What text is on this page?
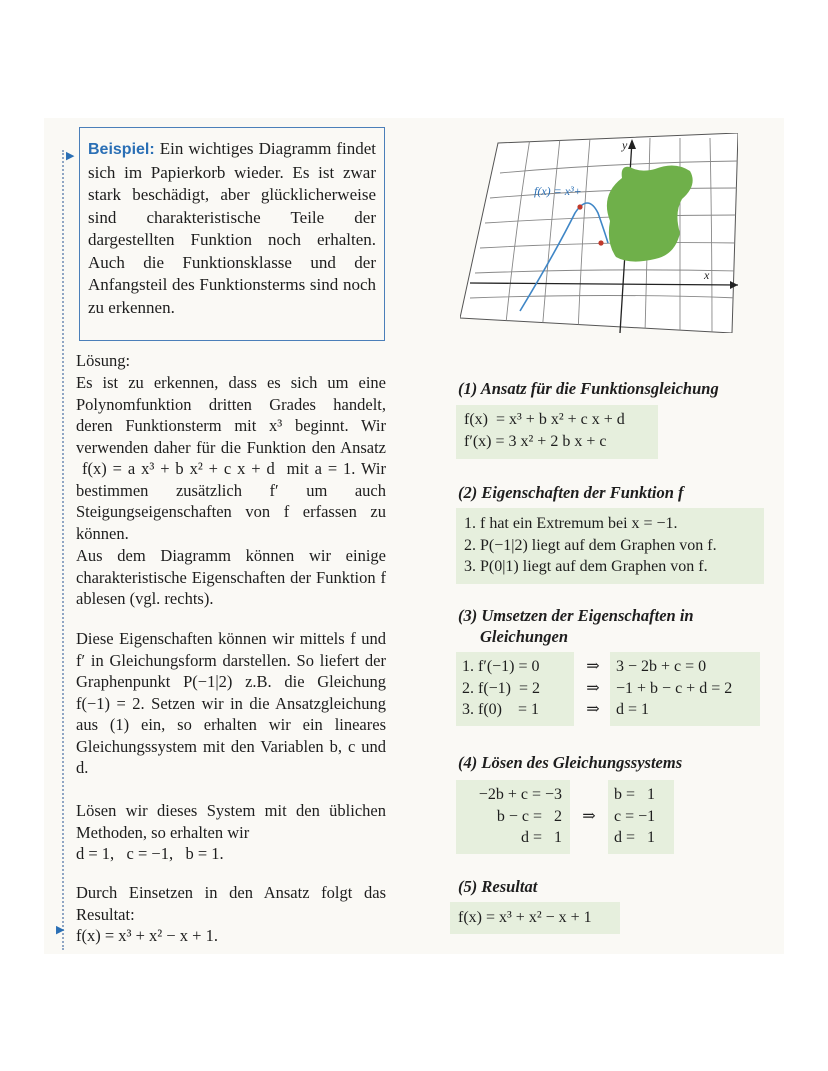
▶
▶
Beispiel: Ein wichtiges Diagramm findet sich im Papierkorb wieder. Es ist zwar stark beschädigt, aber glücklicherweise sind charakteristische Teile der dargestellten Funktion noch erhalten. Auch die Funktionsklasse und der Anfangsteil des Funktionsterms sind noch zu erkennen.
Lösung:
Es ist zu erkennen, dass es sich um eine Polynomfunktion dritten Grades handelt, deren Funktionsterm mit x³ beginnt. Wir verwenden daher für die Funktion den Ansatz f(x) = a x³ + b x² + c x + d mit a = 1. Wir bestimmen zusätzlich f′ um auch Steigungseigenschaften von f erfassen zu können.
Aus dem Diagramm können wir einige charakteristische Eigenschaften der Funktion f ablesen (vgl. rechts).
Diese Eigenschaften können wir mittels f und f′ in Gleichungsform darstellen. So liefert der Graphenpunkt P(−1|2) z.B. die Gleichung f(−1) = 2. Setzen wir in die Ansatzgleichung aus (1) ein, so erhalten wir ein lineares Gleichungssystem mit den Variablen b, c und d.
Lösen wir dieses System mit den üblichen Methoden, so erhalten wir
d = 1,   c = −1,   b = 1.
Durch Einsetzen in den Ansatz folgt das Resultat:
f(x) = x³ + x² − x + 1.
f(x) = x³+
y
x
(1) Ansatz für die Funktionsgleichung
f(x)  = x³ + b x² + c x + d
f′(x) = 3 x² + 2 b x + c
(2) Eigenschaften der Funktion f
1. f hat ein Extremum bei x = −1.
2. P(−1|2) liegt auf dem Graphen von f.
3. P(0|1) liegt auf dem Graphen von f.
(3) Umsetzen der Eigenschaften in
Gleichungen
1. f′(−1) = 0
2. f(−1)  = 2
3. f(0)    = 1
⇒
⇒
⇒
3 − 2b + c = 0
−1 + b − c + d = 2
d = 1
(4) Lösen des Gleichungssystems
−2b + c = −3
b − c =   2
d =   1
⇒
b =   1
c = −1
d =   1
(5) Resultat
f(x) = x³ + x² − x + 1
